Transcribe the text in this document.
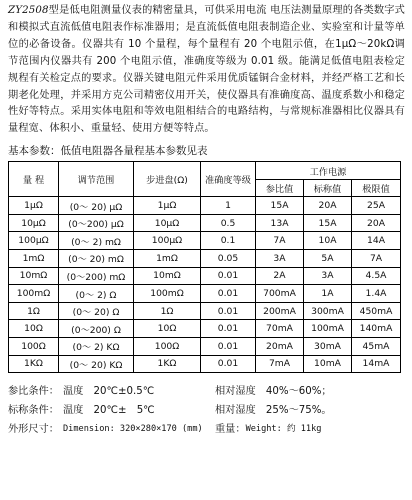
ZY2508型是低电阻测量仪表的精密量具，可供采用电流 电压法测量原理的各类数字式和模拟式直流低值电阻表作标准器用；是直流低值电阻表制造企业、实验室和计量等单位的必备设备。仪器共有 10 个量程，每个量程有 20 个电阻示值，在1μΩ～20kΩ调节范围内仪器共有 200 个电阻示值，准确度等级为 0.01 级。能满足低值电阻表检定规程有关检定点的要求。仪器关键电阻元件采用优质锰铜合金材料，并经严格工艺和长期老化处理，并采用方克公司精密仪用开关，使仪器具有准确度高、温度系数小和稳定性好等特点。采用实体电阻和等效电阻相结合的电路结构，与常规标准器相比仪器具有量程宽、体积小、重量轻、使用方便等特点。

基本参数：低值电阻器各量程基本参数见表
量 程	调节范围	步进盘(Ω)	准确度等级	工作电源		
				参比值	标称值	极限值
1μΩ	(0～ 20) μΩ	1μΩ	1	15A	20A	25A
10μΩ	(0～200) μΩ	10μΩ	0.5	13A	15A	20A
100μΩ	(0～ 2) mΩ	100μΩ	0.1	7A	10A	14A
1mΩ	(0～ 20) mΩ	1mΩ	0.05	3A	5A	7A
10mΩ	(0～200) mΩ	10mΩ	0.01	2A	3A	4.5A
100mΩ	(0～ 2) Ω	100mΩ	0.01	700mA	1A	1.4A
1Ω	(0～ 20) Ω	1Ω	0.01	200mA	300mA	450mA
10Ω	(0～200) Ω	10Ω	0.01	70mA	100mA	140mA
100Ω	(0～ 2) KΩ	100Ω	0.01	20mA	30mA	45mA
1KΩ	(0～ 20) KΩ	1KΩ	0.01	7mA	10mA	14mA
参比条件： 温度　20℃±0.5℃	相对湿度　40%～60%；
标称条件： 温度　20℃±　5℃	相对湿度　25%～75%。
外形尺寸： Dimension: 320×280×170 (mm)	重量： Weight: 约 11kg
